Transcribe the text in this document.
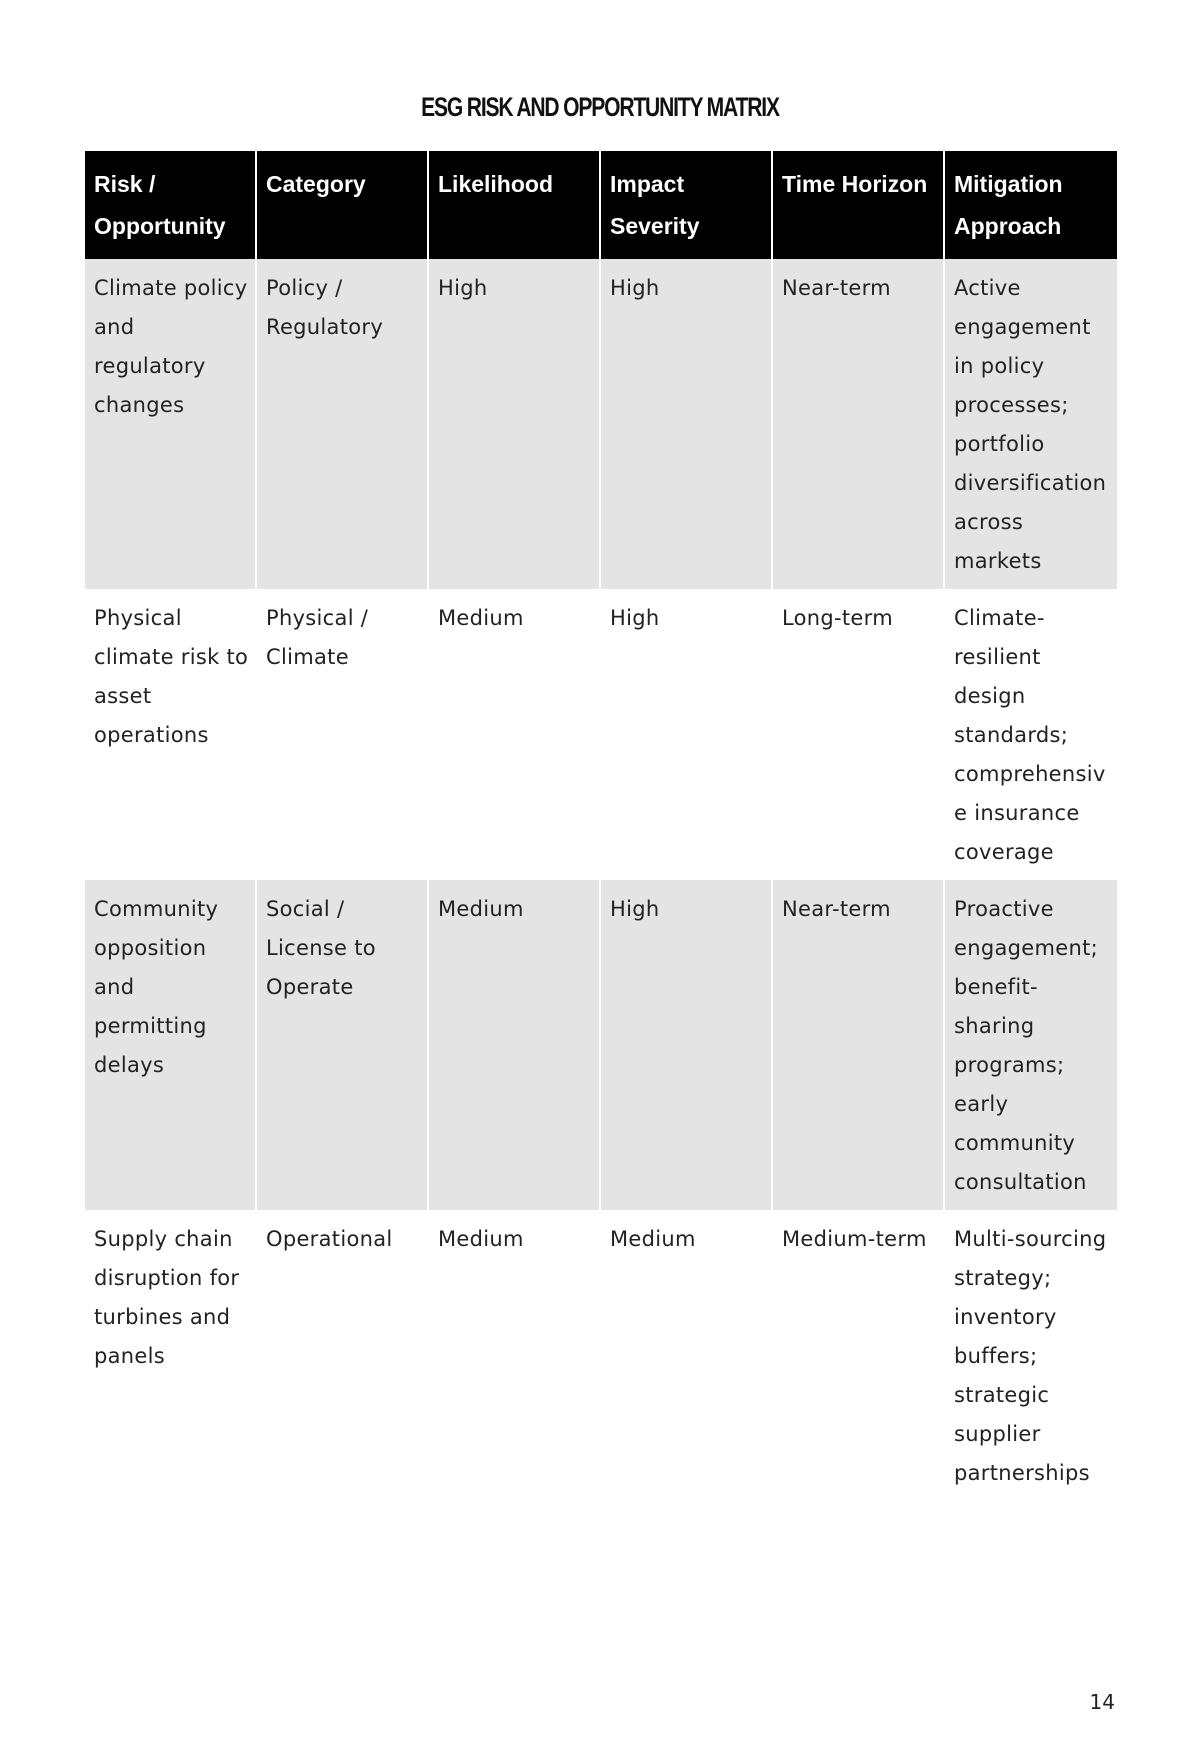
ESG RISK AND OPPORTUNITY MATRIX
Risk / Opportunity	Category	Likelihood	Impact Severity	Time Horizon	Mitigation Approach
Climate policy and regulatory changes	Policy / Regulatory	High	High	Near-term	Active engagement in policy processes; portfolio diversification across markets
Physical climate risk to asset operations	Physical / Climate	Medium	High	Long-term	Climate-resilient design standards; comprehensive insurance coverage
Community opposition and permitting delays	Social / License to Operate	Medium	High	Near-term	Proactive engagement; benefit-sharing programs; early community consultation
Supply chain disruption for turbines and panels	Operational	Medium	Medium	Medium-term	Multi-sourcing strategy; inventory buffers; strategic supplier partnerships
14
